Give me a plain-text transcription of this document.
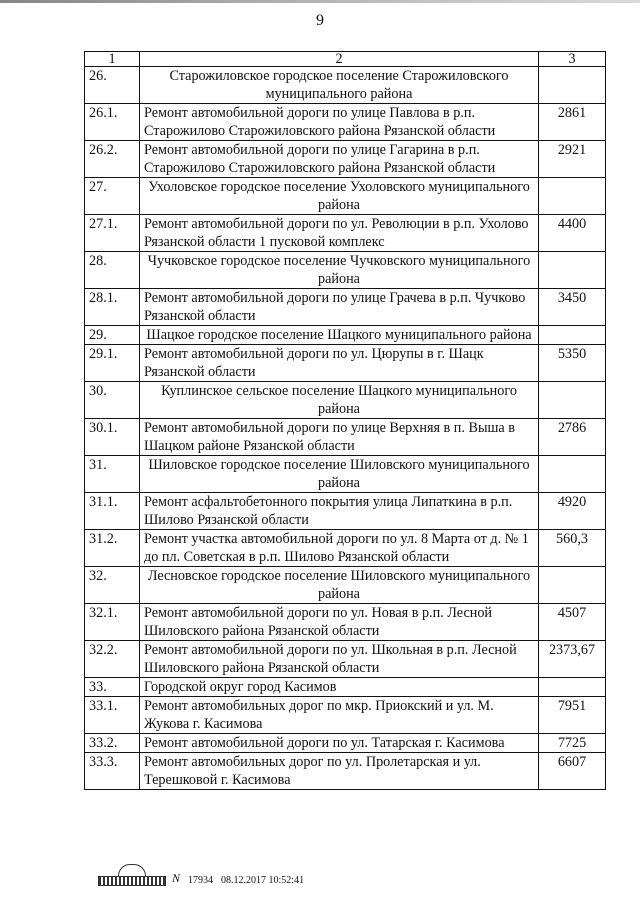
9
1	2	3
26.	Старожиловское городское поселение Старожиловского муниципального района	
26.1.	Ремонт автомобильной дороги по улице Павлова в р.п. Старожилово Старожиловского района Рязанской области	2861
26.2.	Ремонт автомобильной дороги по улице Гагарина в р.п. Старожилово Старожиловского района Рязанской области	2921
27.	Ухоловское городское поселение Ухоловского муниципального района	
27.1.	Ремонт автомобильной дороги по ул. Революции в р.п. Ухолово Рязанской области 1 пусковой комплекс	4400
28.	Чучковское городское поселение Чучковского муниципального района	
28.1.	Ремонт автомобильной дороги по улице Грачева в р.п. Чучково Рязанской области	3450
29.	Шацкое городское поселение Шацкого муниципального района	
29.1.	Ремонт автомобильной дороги по ул. Цюрупы в г. Шацк Рязанской области	5350
30.	Куплинское сельское поселение Шацкого муниципального района	
30.1.	Ремонт автомобильной дороги по улице Верхняя в п. Выша в Шацком районе Рязанской области	2786
31.	Шиловское городское поселение Шиловского муниципального района	
31.1.	Ремонт асфальтобетонного покрытия улица Липаткина в р.п. Шилово Рязанской области	4920
31.2.	Ремонт участка автомобильной дороги по ул. 8 Марта от д. № 1 до пл. Советская в р.п. Шилово Рязанской области	560,3
32.	Лесновское городское поселение Шиловского муниципального района	
32.1.	Ремонт автомобильной дороги по ул. Новая в р.п. Лесной Шиловского района Рязанской области	4507
32.2.	Ремонт автомобильной дороги по ул. Школьная в р.п. Лесной Шиловского района Рязанской области	2373,67
33.	Городской округ город Касимов	
33.1.	Ремонт автомобильных дорог по мкр. Приокский и ул. М. Жукова г. Касимова	7951
33.2.	Ремонт автомобильной дороги по ул. Татарская г. Касимова	7725
33.3.	Ремонт автомобильных дорог по ул. Пролетарская и ул. Терешковой г. Касимова	6607
N 17934 08.12.2017 10:52:41
